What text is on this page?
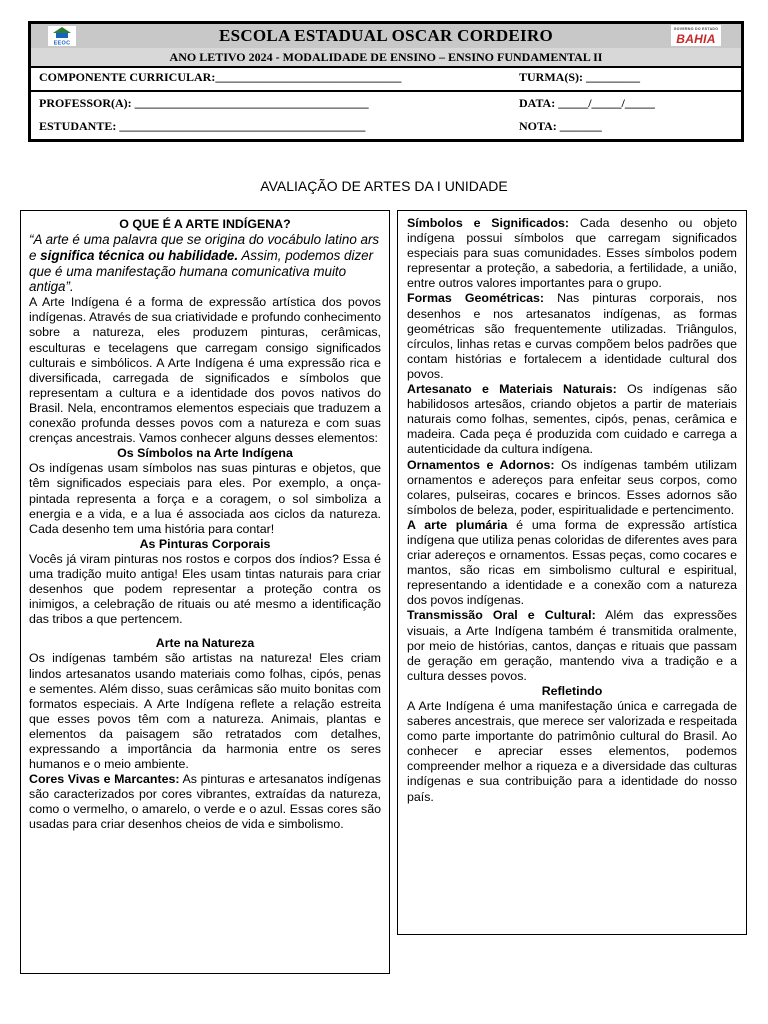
EEOC	ESCOLA ESTADUAL OSCAR CORDEIRO	GOVERNO DO ESTADO
BAHIA
ANO LETIVO 2024 - MODALIDADE DE ENSINO – ENSINO FUNDAMENTAL II
COMPONENTE CURRICULAR:_______________________________	TURMA(S): _________
PROFESSOR(A): _______________________________________	DATA: _____/_____/_____
ESTUDANTE: _________________________________________	NOTA: _______
AVALIAÇÃO DE ARTES DA I UNIDADE

O QUE É A ARTE INDÍGENA?

“A arte é uma palavra que se origina do vocábulo latino ars e significa técnica ou habilidade. Assim, podemos dizer que é uma manifestação humana comunicativa muito antiga”.

A Arte Indígena é a forma de expressão artística dos povos indígenas. Através de sua criatividade e profundo conhecimento sobre a natureza, eles produzem pinturas, cerâmicas, esculturas e tecelagens que carregam consigo significados culturais e simbólicos. A Arte Indígena é uma expressão rica e diversificada, carregada de significados e símbolos que representam a cultura e a identidade dos povos nativos do Brasil. Nela, encontramos elementos especiais que traduzem a conexão profunda desses povos com a natureza e com suas crenças ancestrais. Vamos conhecer alguns desses elementos:

Os Símbolos na Arte Indígena

Os indígenas usam símbolos nas suas pinturas e objetos, que têm significados especiais para eles. Por exemplo, a onça-pintada representa a força e a coragem, o sol simboliza a energia e a vida, e a lua é associada aos ciclos da natureza. Cada desenho tem uma história para contar!

As Pinturas Corporais

Vocês já viram pinturas nos rostos e corpos dos índios? Essa é uma tradição muito antiga! Eles usam tintas naturais para criar desenhos que podem representar a proteção contra os inimigos, a celebração de rituais ou até mesmo a identificação das tribos a que pertencem.

Arte na Natureza

Os indígenas também são artistas na natureza! Eles criam lindos artesanatos usando materiais como folhas, cipós, penas e sementes. Além disso, suas cerâmicas são muito bonitas com formatos especiais. A Arte Indígena reflete a relação estreita que esses povos têm com a natureza. Animais, plantas e elementos da paisagem são retratados com detalhes, expressando a importância da harmonia entre os seres humanos e o meio ambiente.

Cores Vivas e Marcantes: As pinturas e artesanatos indígenas são caracterizados por cores vibrantes, extraídas da natureza, como o vermelho, o amarelo, o verde e o azul. Essas cores são usadas para criar desenhos cheios de vida e simbolismo.

Símbolos e Significados: Cada desenho ou objeto indígena possui símbolos que carregam significados especiais para suas comunidades. Esses símbolos podem representar a proteção, a sabedoria, a fertilidade, a união, entre outros valores importantes para o grupo.

Formas Geométricas: Nas pinturas corporais, nos desenhos e nos artesanatos indígenas, as formas geométricas são frequentemente utilizadas. Triângulos, círculos, linhas retas e curvas compõem belos padrões que contam histórias e fortalecem a identidade cultural dos povos.

Artesanato e Materiais Naturais: Os indígenas são habilidosos artesãos, criando objetos a partir de materiais naturais como folhas, sementes, cipós, penas, cerâmica e madeira. Cada peça é produzida com cuidado e carrega a autenticidade da cultura indígena.

Ornamentos e Adornos: Os indígenas também utilizam ornamentos e adereços para enfeitar seus corpos, como colares, pulseiras, cocares e brincos. Esses adornos são símbolos de beleza, poder, espiritualidade e pertencimento.

A arte plumária é uma forma de expressão artística indígena que utiliza penas coloridas de diferentes aves para criar adereços e ornamentos. Essas peças, como cocares e mantos, são ricas em simbolismo cultural e espiritual, representando a identidade e a conexão com a natureza dos povos indígenas.

Transmissão Oral e Cultural: Além das expressões visuais, a Arte Indígena também é transmitida oralmente, por meio de histórias, cantos, danças e rituais que passam de geração em geração, mantendo viva a tradição e a cultura desses povos.

Refletindo

A Arte Indígena é uma manifestação única e carregada de saberes ancestrais, que merece ser valorizada e respeitada como parte importante do patrimônio cultural do Brasil. Ao conhecer e apreciar esses elementos, podemos compreender melhor a riqueza e a diversidade das culturas indígenas e sua contribuição para a identidade do nosso país.
